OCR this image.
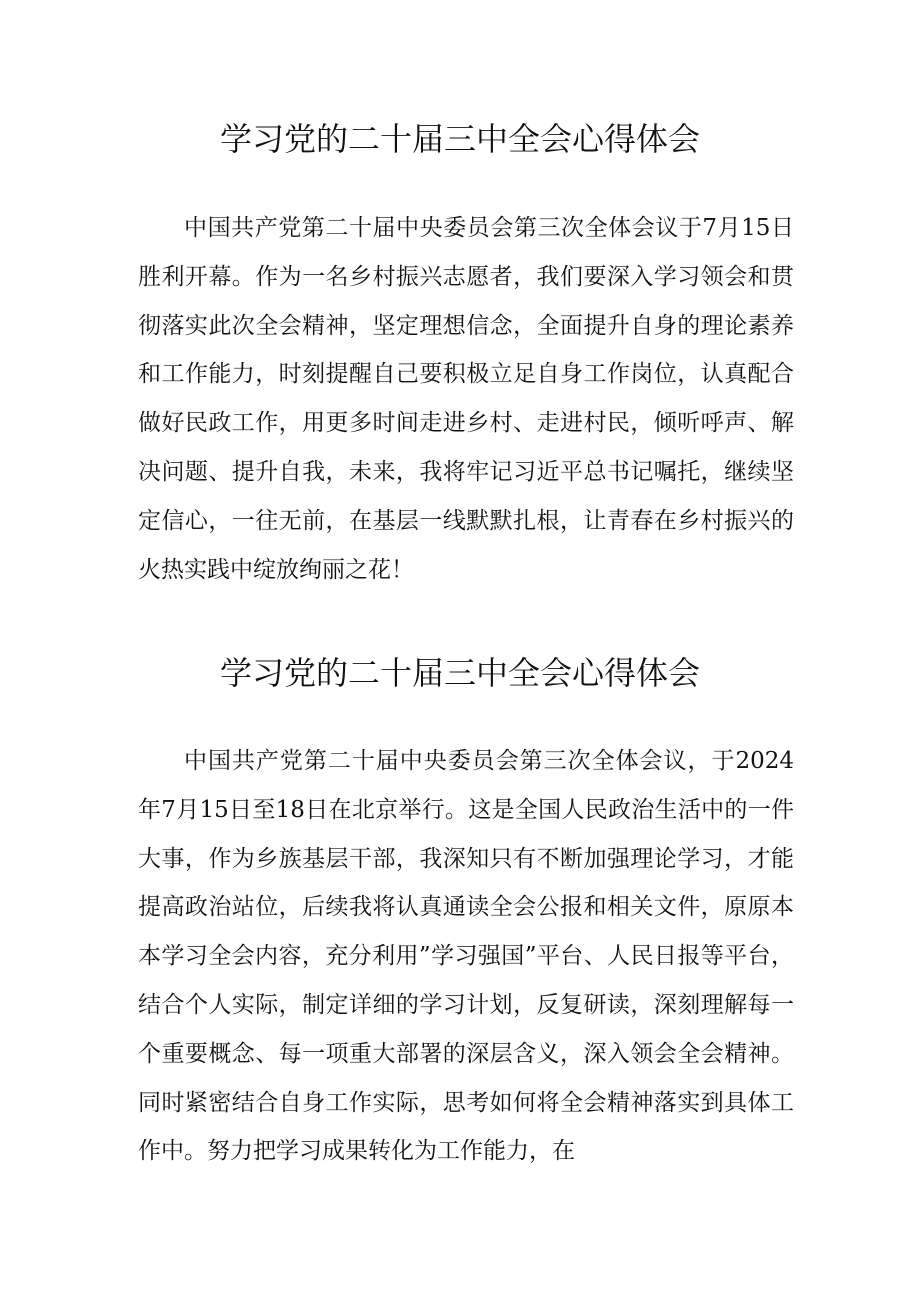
学习党的二十届三中全会心得体会

中国共产党第二十届中央委员会第三次全体会议于7月15日胜利开幕。作为一名乡村振兴志愿者，我们要深入学习领会和贯彻落实此次全会精神，坚定理想信念，全面提升自身的理论素养和工作能力，时刻提醒自己要积极立足自身工作岗位，认真配合做好民政工作，用更多时间走进乡村、走进村民，倾听呼声、解决问题、提升自我，未来，我将牢记习近平总书记嘱托，继续坚定信心，一往无前，在基层一线默默扎根，让青春在乡村振兴的火热实践中绽放绚丽之花！

学习党的二十届三中全会心得体会

中国共产党第二十届中央委员会第三次全体会议，于2024年7月15日至18日在北京举行。这是全国人民政治生活中的一件大事，作为乡族基层干部，我深知只有不断加强理论学习，才能提高政治站位，后续我将认真通读全会公报和相关文件，原原本本学习全会内容，充分利用”学习强国”平台、人民日报等平台，结合个人实际，制定详细的学习计划，反复研读，深刻理解每一个重要概念、每一项重大部署的深层含义，深入领会全会精神。同时紧密结合自身工作实际，思考如何将全会精神落实到具体工作中。努力把学习成果转化为工作能力，在
